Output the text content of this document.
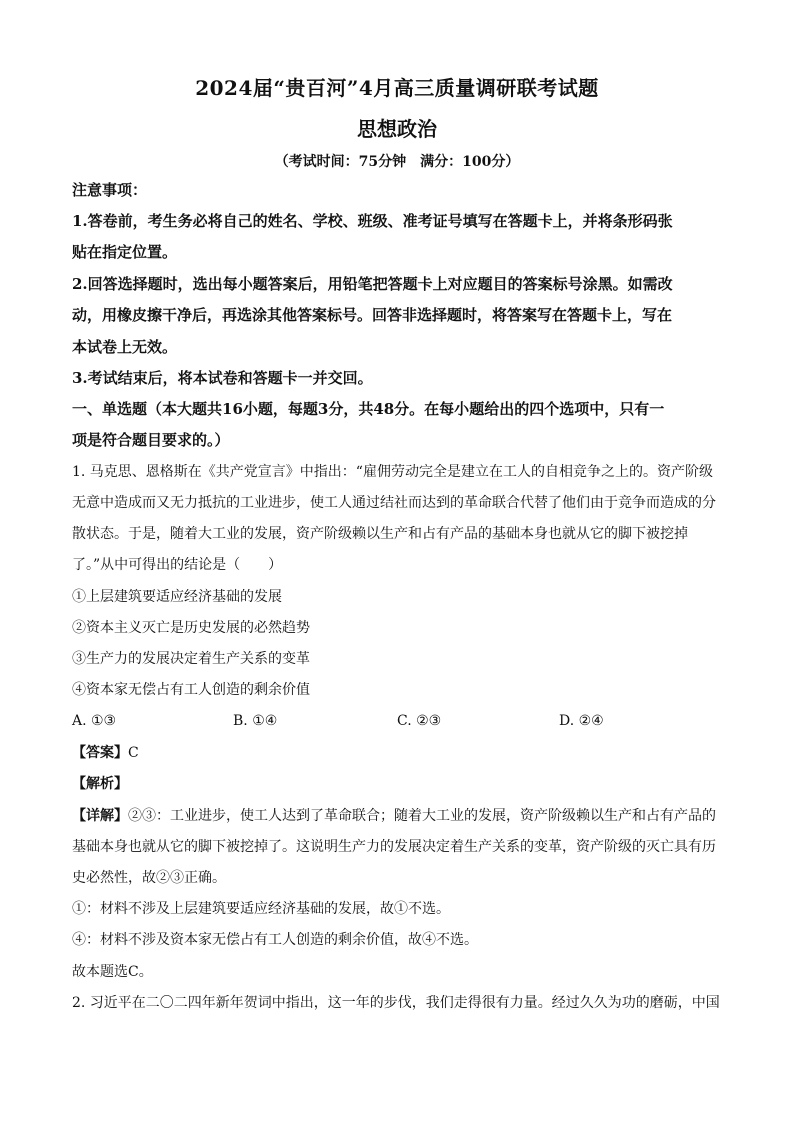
2024届“贵百河”4月高三质量调研联考试题
思想政治
（考试时间：75分钟　满分：100分）
注意事项：
1.答卷前，考生务必将自己的姓名、学校、班级、准考证号填写在答题卡上，并将条形码张
贴在指定位置。
2.回答选择题时，选出每小题答案后，用铅笔把答题卡上对应题目的答案标号涂黑。如需改
动，用橡皮擦干净后，再选涂其他答案标号。回答非选择题时，将答案写在答题卡上，写在
本试卷上无效。
3.考试结束后，将本试卷和答题卡一并交回。
一、单选题（本大题共16小题，每题3分，共48分。在每小题给出的四个选项中，只有一
项是符合题目要求的。）
1. 马克思、恩格斯在《共产党宣言》中指出：“雇佣劳动完全是建立在工人的自相竞争之上的。资产阶级
无意中造成而又无力抵抗的工业进步，使工人通过结社而达到的革命联合代替了他们由于竞争而造成的分
散状态。于是，随着大工业的发展，资产阶级赖以生产和占有产品的基础本身也就从它的脚下被挖掉
了。”从中可得出的结论是（　　）
①上层建筑要适应经济基础的发展
②资本主义灭亡是历史发展的必然趋势
③生产力的发展决定着生产关系的变革
④资本家无偿占有工人创造的剩余价值
A. ①③	B. ①④	C. ②③	D. ②④
【答案】C
【解析】
【详解】②③：工业进步，使工人达到了革命联合；随着大工业的发展，资产阶级赖以生产和占有产品的
基础本身也就从它的脚下被挖掉了。这说明生产力的发展决定着生产关系的变革，资产阶级的灭亡具有历
史必然性，故②③正确。
①：材料不涉及上层建筑要适应经济基础的发展，故①不选。
④：材料不涉及资本家无偿占有工人创造的剩余价值，故④不选。
故本题选C。
2. 习近平在二〇二四年新年贺词中指出，这一年的步伐，我们走得很有力量。经过久久为功的磨砺，中国
